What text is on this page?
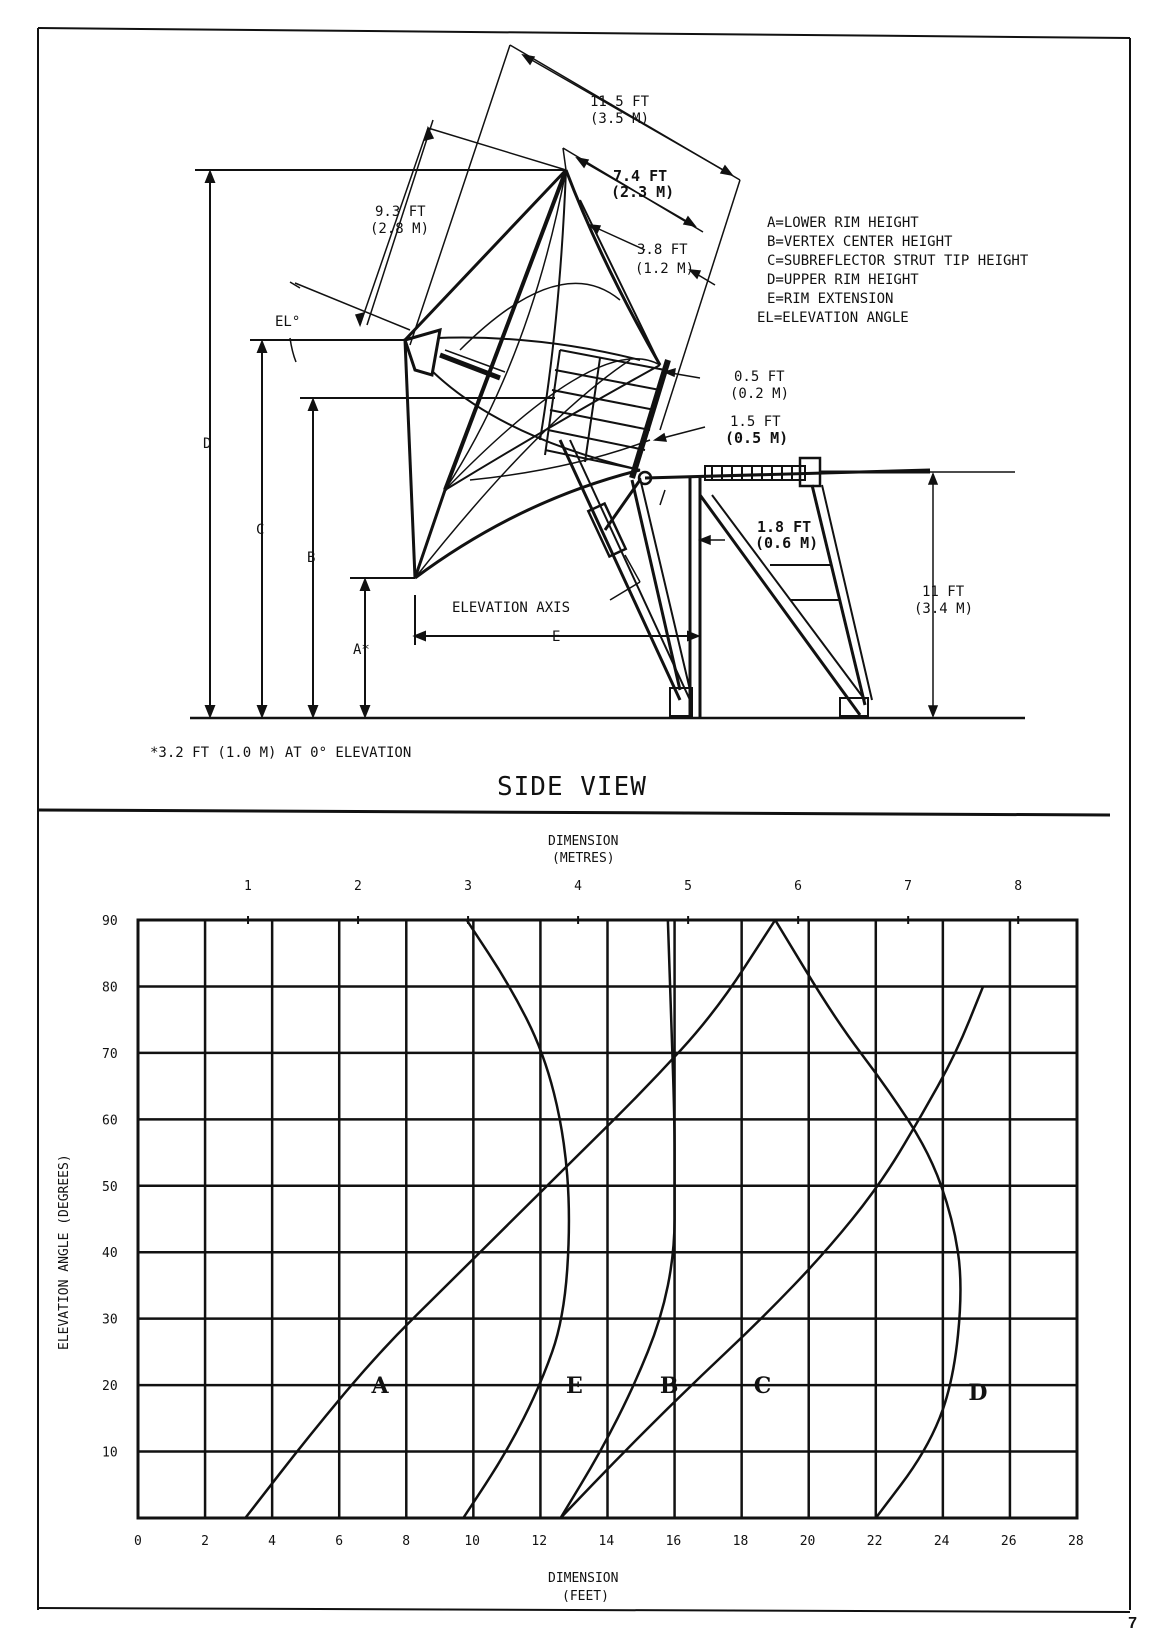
11.5 FT
(3.5 M)
7.4 FT
(2.3 M)
9.3 FT
(2.8 M)
3.8 FT
(1.2 M)
0.5 FT
(0.2 M)
1.5 FT
(0.5 M)
1.8 FT
(0.6 M)
11 FT
(3.4 M)
A=LOWER RIM HEIGHT
B=VERTEX CENTER HEIGHT
C=SUBREFLECTOR STRUT TIP HEIGHT
D=UPPER RIM HEIGHT
E=RIM EXTENSION
EL=ELEVATION ANGLE
EL°
D
C
B
A*
E
ELEVATION AXIS
*3.2 FT (1.0 M) AT 0° ELEVATION
SIDE VIEW
0	2	4	6	8	10	12	14	16	18	20	22	24	26	28
1	2	3	4	5	6	7	8
10
20
30
40
50
60
70
80
90
A	E	B	C	D
DIMENSION
(METRES)
DIMENSION
(FEET)
ELEVATION ANGLE (DEGREES)
7
